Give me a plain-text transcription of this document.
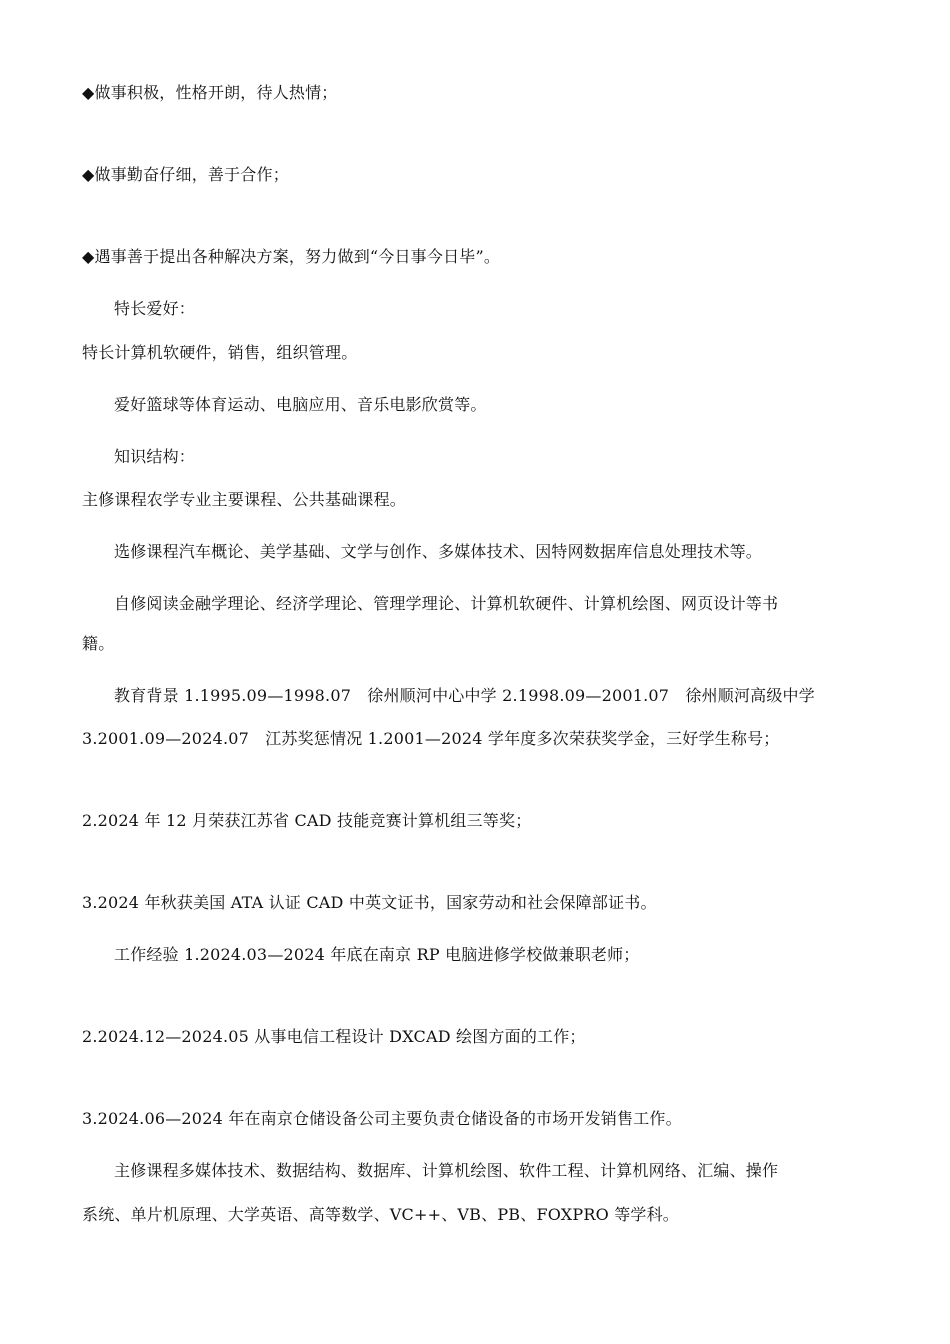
◆做事积极，性格开朗，待人热情；
◆做事勤奋仔细，善于合作；
◆遇事善于提出各种解决方案，努力做到“今日事今日毕”。
特长爱好：
特长计算机软硬件，销售，组织管理。
爱好篮球等体育运动、电脑应用、音乐电影欣赏等。
知识结构：
主修课程农学专业主要课程、公共基础课程。
选修课程汽车概论、美学基础、文学与创作、多媒体技术、因特网数据库信息处理技术等。
自修阅读金融学理论、经济学理论、管理学理论、计算机软硬件、计算机绘图、网页设计等书
籍。
教育背景 1.1995.09—1998.07　徐州顺河中心中学 2.1998.09—2001.07　徐州顺河高级中学
3.2001.09—2024.07　江苏奖惩情况 1.2001—2024 学年度多次荣获奖学金，三好学生称号；
2.2024 年 12 月荣获江苏省 CAD 技能竞赛计算机组三等奖；
3.2024 年秋获美国 ATA 认证 CAD 中英文证书，国家劳动和社会保障部证书。
工作经验 1.2024.03—2024 年底在南京 RP 电脑进修学校做兼职老师；
2.2024.12—2024.05 从事电信工程设计 DXCAD 绘图方面的工作；
3.2024.06—2024 年在南京仓储设备公司主要负责仓储设备的市场开发销售工作。
主修课程多媒体技术、数据结构、数据库、计算机绘图、软件工程、计算机网络、汇编、操作
系统、单片机原理、大学英语、高等数学、VC++、VB、PB、FOXPRO 等学科。
